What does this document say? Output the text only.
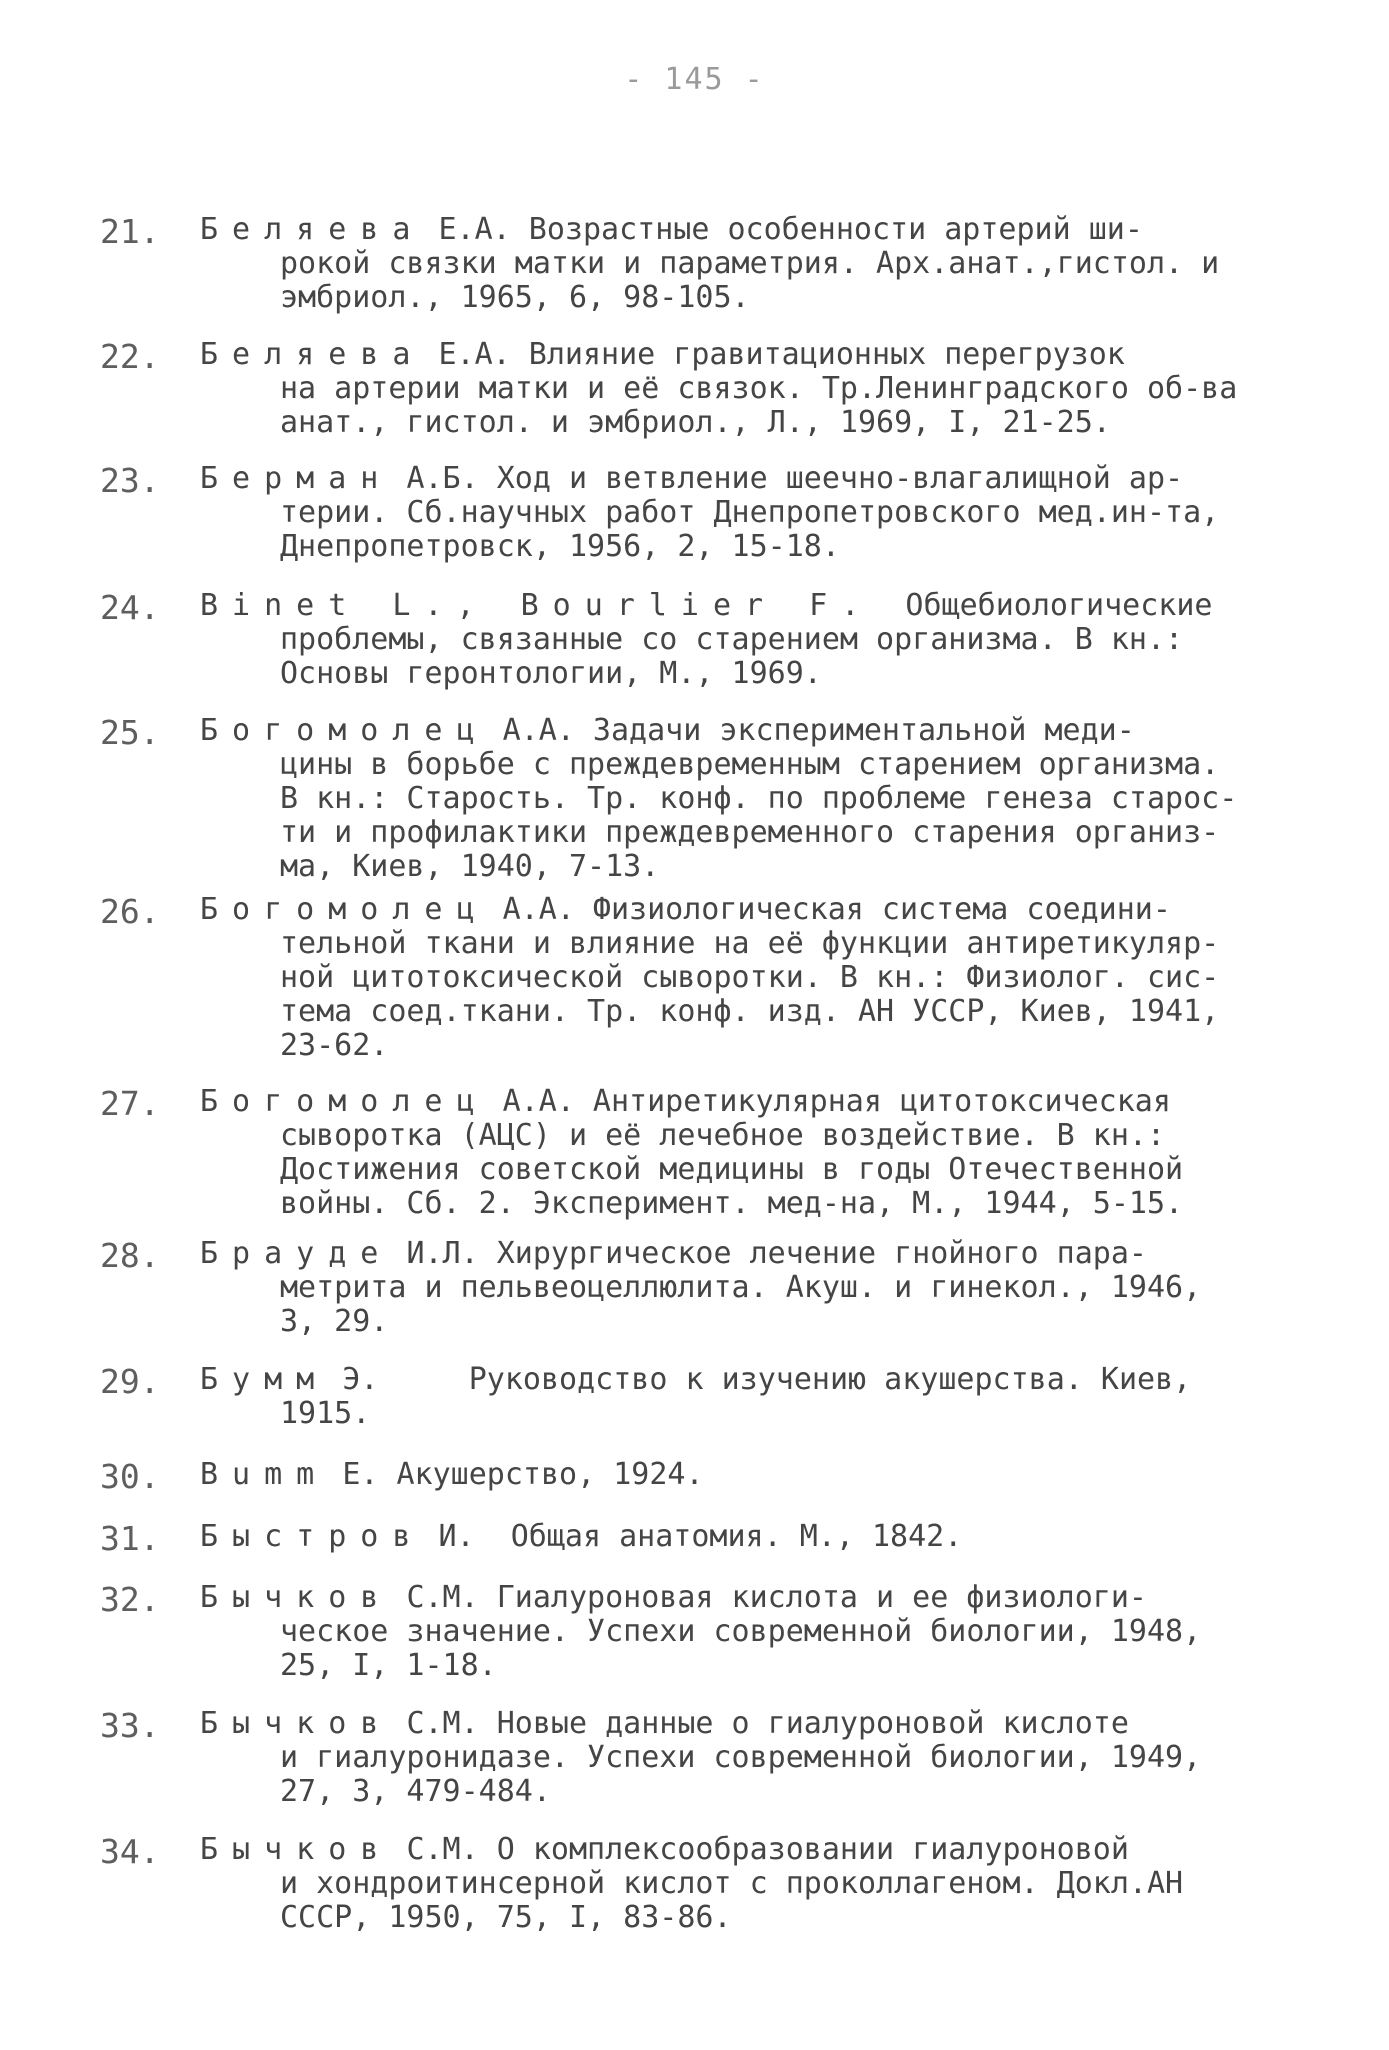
- 145 -
21.	Беляева Е.А. Возрастные особенности артерий ши-
рокой связки матки и параметрия. Арх.анат.,гистол. и
эмбриол., 1965, 6, 98-105.
22.	Беляева Е.А. Влияние гравитационных перегрузок
на артерии матки и её связок. Тр.Ленинградского об-ва
анат., гистол. и эмбриол., Л., 1969, I, 21-25.
23.	Берман А.Б. Ход и ветвление шеечно-влагалищной ар-
терии. Сб.научных работ Днепропетровского мед.ин-та,
Днепропетровск, 1956, 2, 15-18.
24.	Binet L., Bourlier F.  Общебиологические
проблемы, связанные со старением организма. В кн.:
Основы геронтологии, М., 1969.
25.	Богомолец А.А. Задачи экспериментальной меди-
цины в борьбе с преждевременным старением организма.
В кн.: Старость. Тр. конф. по проблеме генеза старос-
ти и профилактики преждевременного старения организ-
ма, Киев, 1940, 7-13.
26.	Богомолец А.А. Физиологическая система соедини-
тельной ткани и влияние на её функции антиретикуляр-
ной цитотоксической сыворотки. В кн.: Физиолог. сис-
тема соед.ткани. Тр. конф. изд. АН УССР, Киев, 1941,
23-62.
27.	Богомолец А.А. Антиретикулярная цитотоксическая
сыворотка (АЦС) и её лечебное воздействие. В кн.:
Достижения советской медицины в годы Отечественной
войны. Сб. 2. Эксперимент. мед-на, М., 1944, 5-15.
28.	Брауде И.Л. Хирургическое лечение гнойного пара-
метрита и пельвеоцеллюлита. Акуш. и гинекол., 1946,
3, 29.
29.	Бумм Э.     Руководство к изучению акушерства. Киев,
1915.
30.	Bumm E. Акушерство, 1924.
31.	Быстров И.  Общая анатомия. М., 1842.
32.	Бычков С.М. Гиалуроновая кислота и ее физиологи-
ческое значение. Успехи современной биологии, 1948,
25, I, 1-18.
33.	Бычков С.М. Новые данные о гиалуроновой кислоте
и гиалуронидазе. Успехи современной биологии, 1949,
27, 3, 479-484.
34.	Бычков С.М. О комплексообразовании гиалуроновой
и хондроитинсерной кислот с проколлагеном. Докл.АН
СССР, 1950, 75, I, 83-86.
